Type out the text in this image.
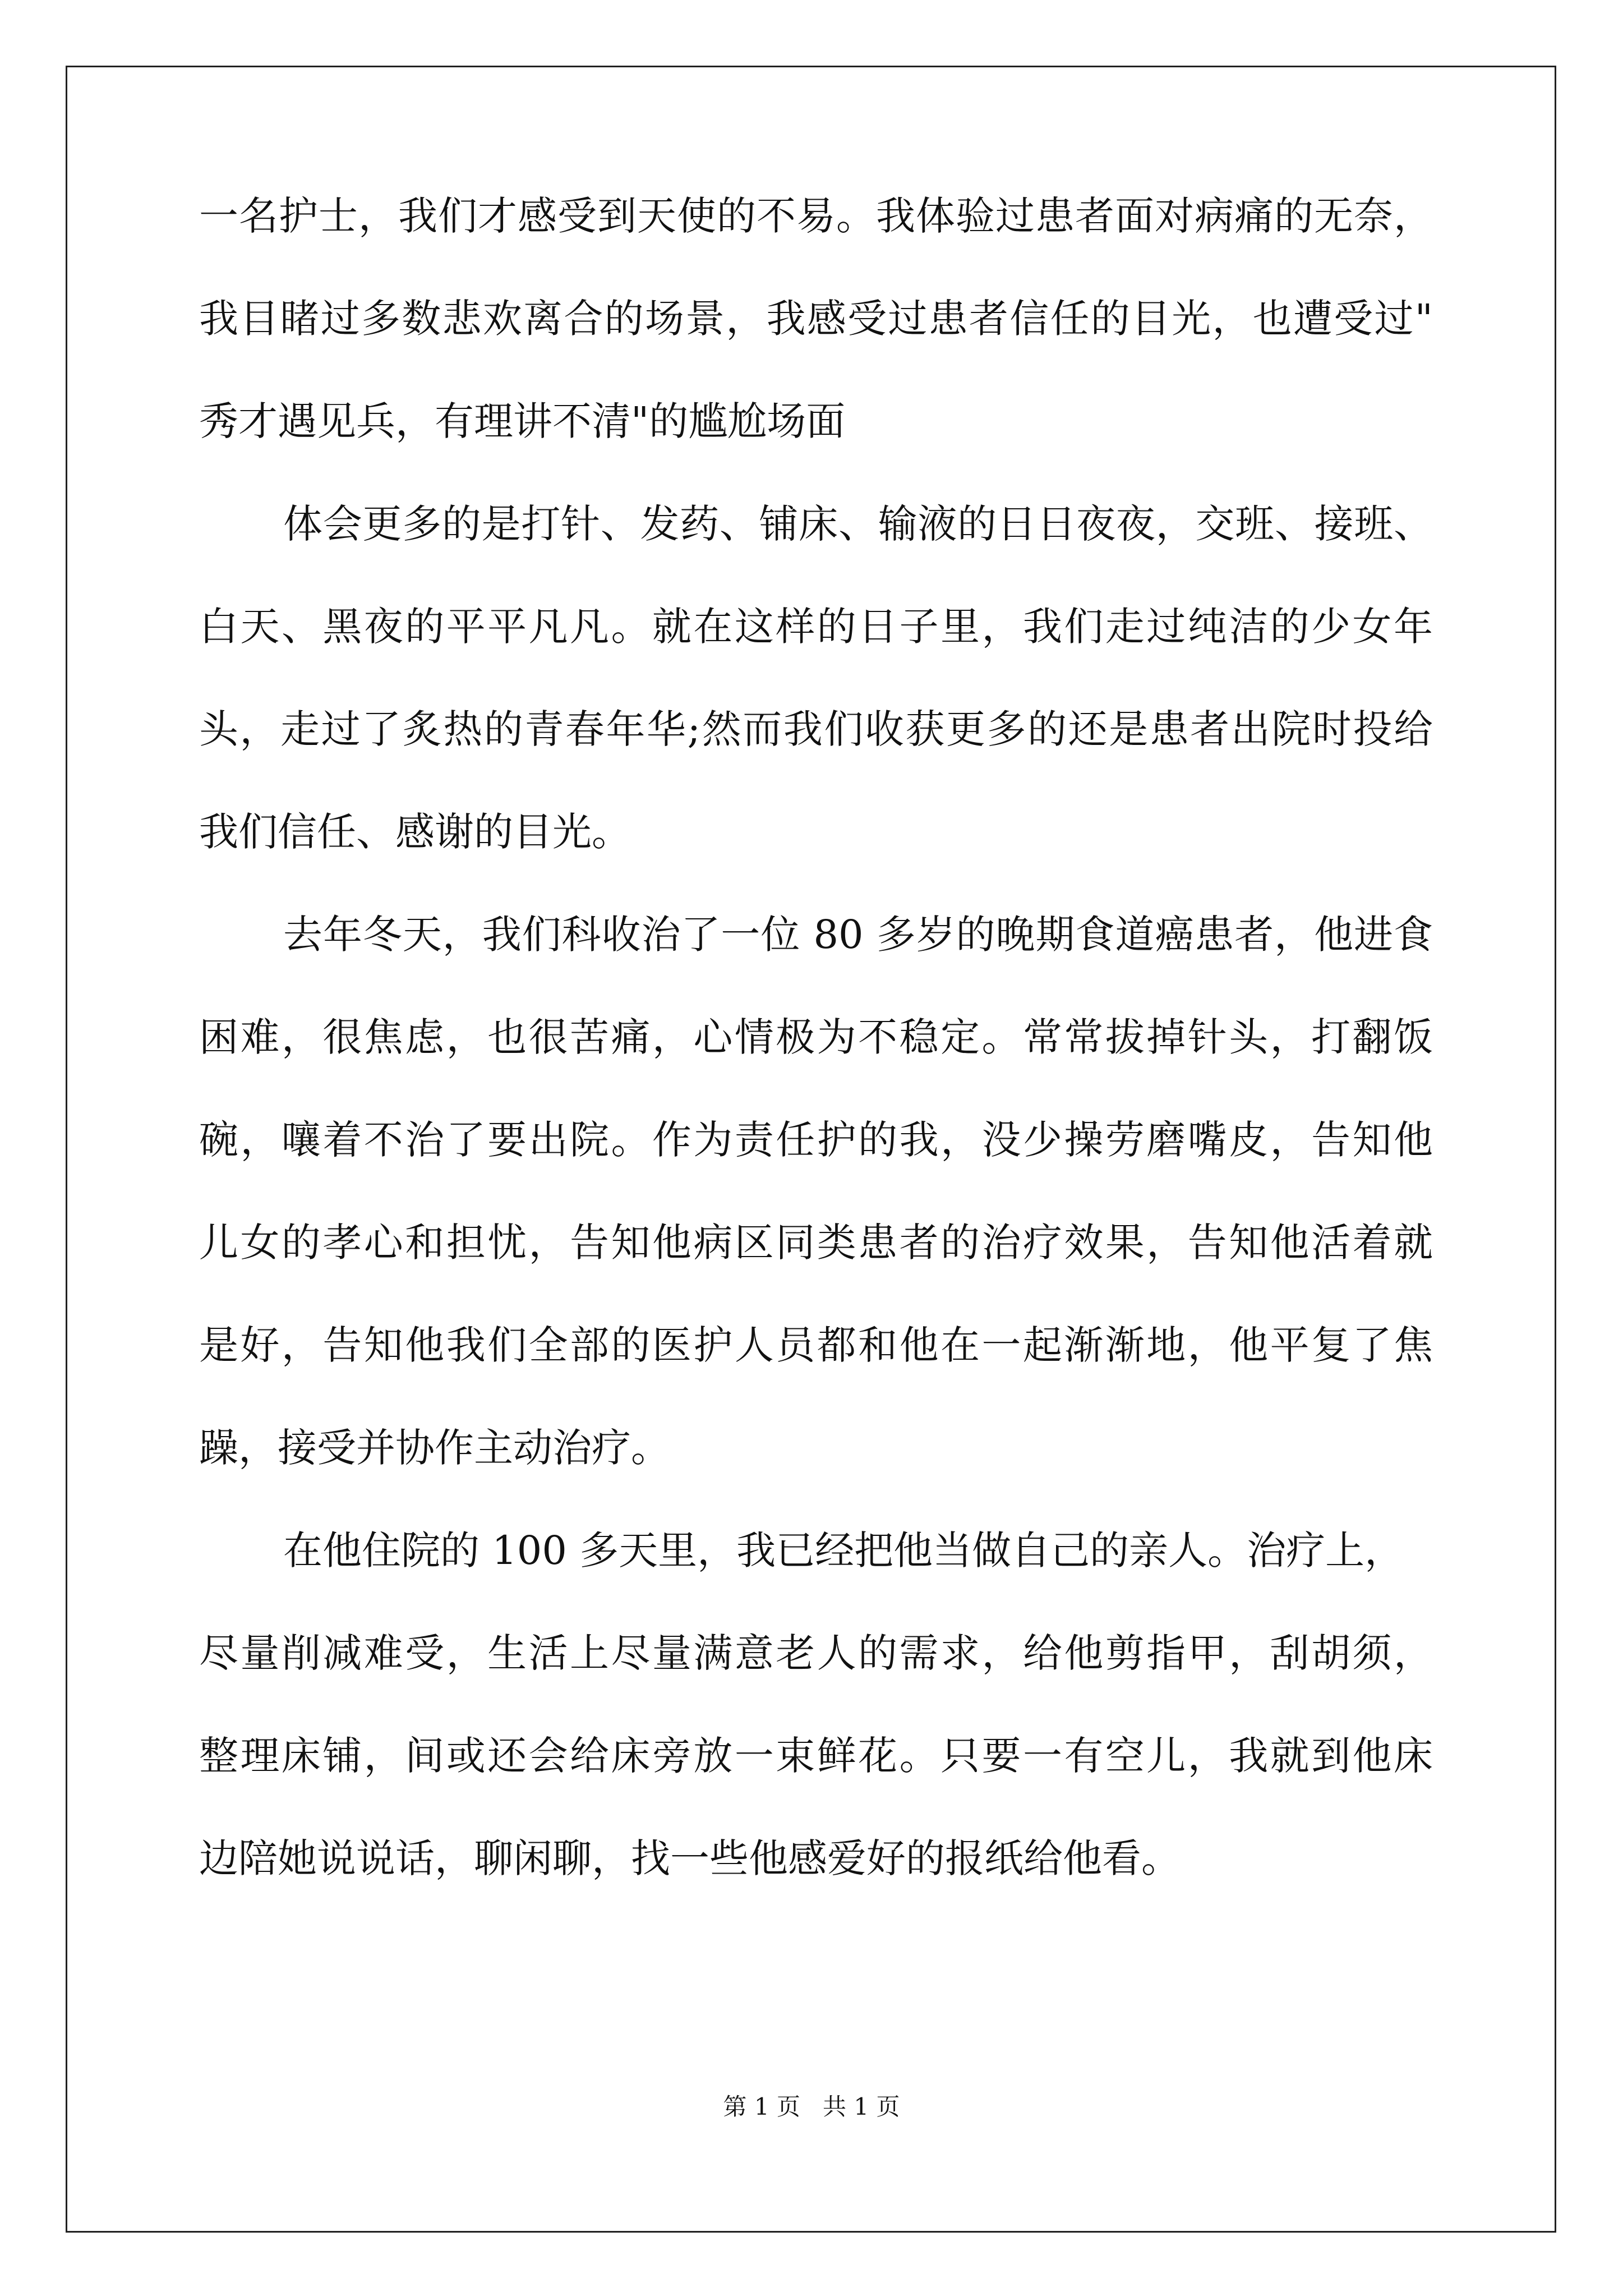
一名护士，我们才感受到天使的不易。我体验过患者面对病痛的无奈，
我目睹过多数悲欢离合的场景，我感受过患者信任的目光，也遭受过"
秀才遇见兵，有理讲不清"的尴尬场面
体会更多的是打针、发药、铺床、输液的日日夜夜，交班、接班、
白天、黑夜的平平凡凡。就在这样的日子里，我们走过纯洁的少女年
头，走过了炙热的青春年华;然而我们收获更多的还是患者出院时投给
我们信任、感谢的目光。
去年冬天，我们科收治了一位 80 多岁的晚期食道癌患者，他进食
困难，很焦虑，也很苦痛，心情极为不稳定。常常拔掉针头，打翻饭
碗，嚷着不治了要出院。作为责任护的我，没少操劳磨嘴皮，告知他
儿女的孝心和担忧，告知他病区同类患者的治疗效果，告知他活着就
是好，告知他我们全部的医护人员都和他在一起渐渐地，他平复了焦
躁，接受并协作主动治疗。
在他住院的 100 多天里，我已经把他当做自己的亲人。治疗上，
尽量削减难受，生活上尽量满意老人的需求，给他剪指甲，刮胡须，
整理床铺，间或还会给床旁放一束鲜花。只要一有空儿，我就到他床
边陪她说说话，聊闲聊，找一些他感爱好的报纸给他看。
第 1 页   共 1 页
